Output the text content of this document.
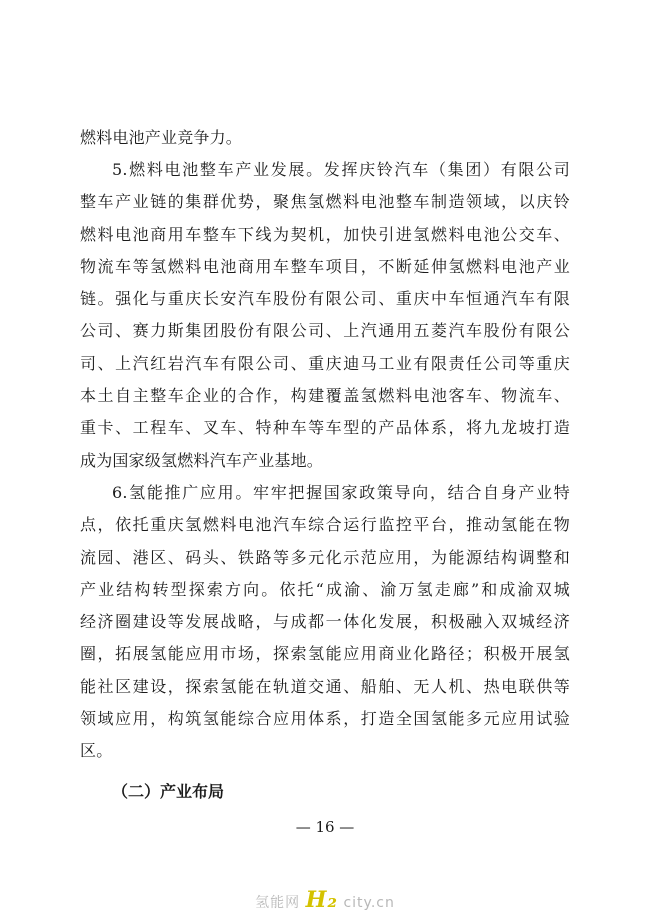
燃料电池产业竞争力。
5.燃料电池整车产业发展。发挥庆铃汽车（集团）有限公司
整车产业链的集群优势，聚焦氢燃料电池整车制造领域，以庆铃
燃料电池商用车整车下线为契机，加快引进氢燃料电池公交车、
物流车等氢燃料电池商用车整车项目，不断延伸氢燃料电池产业
链。强化与重庆长安汽车股份有限公司、重庆中车恒通汽车有限
公司、赛力斯集团股份有限公司、上汽通用五菱汽车股份有限公
司、上汽红岩汽车有限公司、重庆迪马工业有限责任公司等重庆
本土自主整车企业的合作，构建覆盖氢燃料电池客车、物流车、
重卡、工程车、叉车、特种车等车型的产品体系，将九龙坡打造
成为国家级氢燃料汽车产业基地。
6.氢能推广应用。牢牢把握国家政策导向，结合自身产业特
点，依托重庆氢燃料电池汽车综合运行监控平台，推动氢能在物
流园、港区、码头、铁路等多元化示范应用，为能源结构调整和
产业结构转型探索方向。依托“成渝、渝万氢走廊”和成渝双城
经济圈建设等发展战略，与成都一体化发展，积极融入双城经济
圈，拓展氢能应用市场，探索氢能应用商业化路径；积极开展氢
能社区建设，探索氢能在轨道交通、船舶、无人机、热电联供等
领域应用，构筑氢能综合应用体系，打造全国氢能多元应用试验
区。
（二）产业布局
— 16 —
氢能网 H₂ city.cn
